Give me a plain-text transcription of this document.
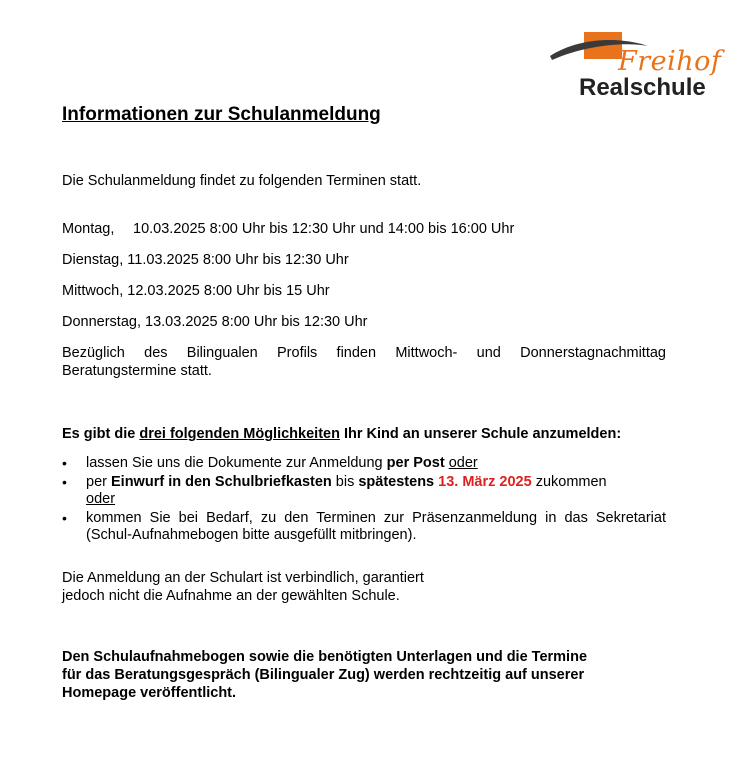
Freihof
Realschule
Informationen zur Schulanmeldung

Die Schulanmeldung findet zu folgenden Terminen statt.

Montag, 10.03.2025 8:00 Uhr bis 12:30 Uhr und 14:00 bis 16:00 Uhr

Dienstag, 11.03.2025 8:00 Uhr bis 12:30 Uhr

Mittwoch, 12.03.2025 8:00 Uhr bis 15 Uhr

Donnerstag, 13.03.2025 8:00 Uhr bis 12:30 Uhr

Bezüglich des Bilingualen Profils finden Mittwoch- und Donnerstagnachmittag Beratungstermine statt.

Es gibt die drei folgenden Möglichkeiten Ihr Kind an unserer Schule anzumelden:

• lassen Sie uns die Dokumente zur Anmeldung per Post oder
• per Einwurf in den Schulbriefkasten bis spätestens 13. März 2025 zukommen
oder
• kommen Sie bei Bedarf, zu den Terminen zur Präsenzanmeldung in das Sekretariat (Schul-Aufnahmebogen bitte ausgefüllt mitbringen).

Die Anmeldung an der Schulart ist verbindlich, garantiert
jedoch nicht die Aufnahme an der gewählten Schule.

Den Schulaufnahmebogen sowie die benötigten Unterlagen und die Termine
für das Beratungsgespräch (Bilingualer Zug) werden rechtzeitig auf unserer
Homepage veröffentlicht.
